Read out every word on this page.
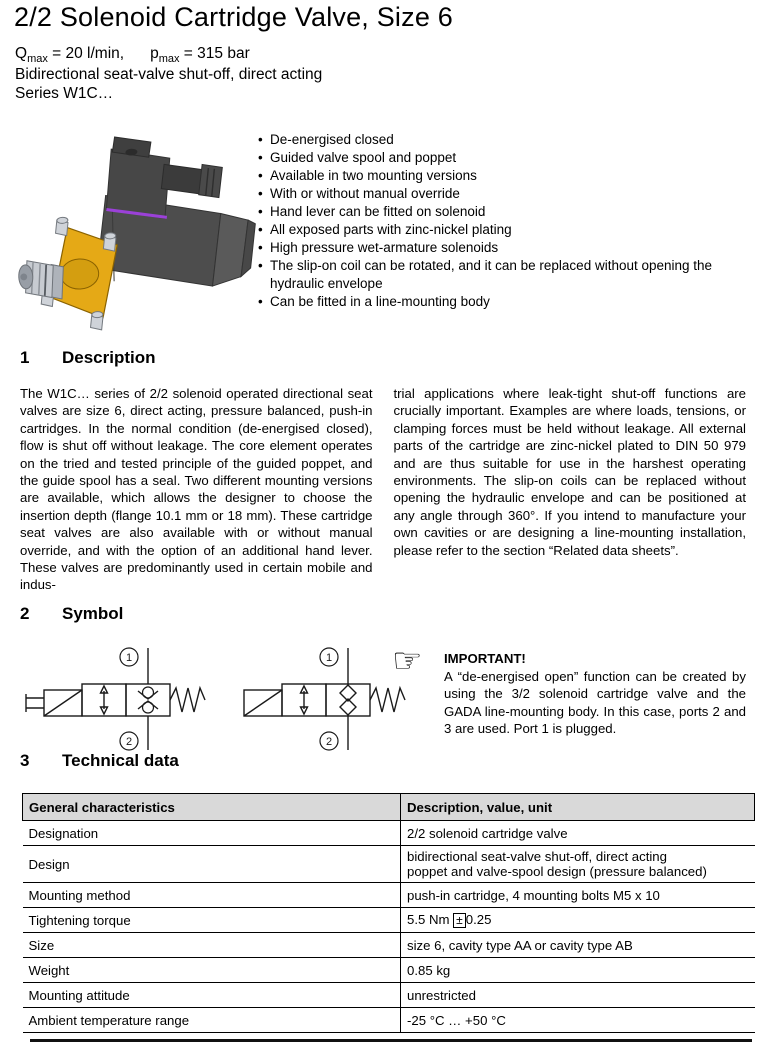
2/2 Solenoid Cartridge Valve, Size 6
$Q_{max} = 20$ l/min, $p_{max} = 315$ bar
Bidirectional seat-valve shut-off, direct acting
Series W1C…
• De-energised closed
• Guided valve spool and poppet
• Available in two mounting versions
• With or without manual override
• Hand lever can be fitted on solenoid
• All exposed parts with zinc-nickel plating
• High pressure wet-armature solenoids
• The slip-on coil can be rotated, and it can be replaced without opening the hydraulic envelope
• Can be fitted in a line-mounting body
1 Description
The W1C… series of 2/2 solenoid operated directional seat valves are size 6, direct acting, pressure balanced, push-in cartridges. In the normal condition (de-energised closed), flow is shut off without leakage. The core element operates on the tried and tested principle of the guided poppet, and the guide spool has a seal. Two different mounting versions are available, which allows the designer to choose the insertion depth (flange 10.1 mm or 18 mm). These cartridge seat valves are also available with or without manual override, and with the option of an additional hand lever. These valves are predominantly used in certain mobile and indus-
trial applications where leak-tight shut-off functions are crucially important. Examples are where loads, tensions, or clamping forces must be held without leakage. All external parts of the cartridge are zinc-nickel plated to DIN 50 979 and are thus suitable for use in the harshest operating environments. The slip-on coils can be replaced without opening the hydraulic envelope and can be positioned at any angle through 360°. If you intend to manufacture your own cavities or are designing a line-mounting installation, please refer to the section “Related data sheets”.
2 Symbol
1
2
1
2
☞	IMPORTANT!
A “de-energised open” function can be created by using the 3/2 solenoid cartridge valve and the GADA line-mounting body. In this case, ports 2 and 3 are used. Port 1 is plugged.
3 Technical data
General characteristics	Description, value, unit
Designation	2/2 solenoid cartridge valve
Design	bidirectional seat-valve shut-off, direct acting
poppet and valve-spool design (pressure balanced)

Mounting method	push-in cartridge, 4 mounting bolts M5 x 10
Tightening torque	5.5 Nm ± 0.25
Size	size 6, cavity type AA or cavity type AB
Weight	0.85 kg
Mounting attitude	unrestricted
Ambient temperature range	-25 °C … +50 °C
